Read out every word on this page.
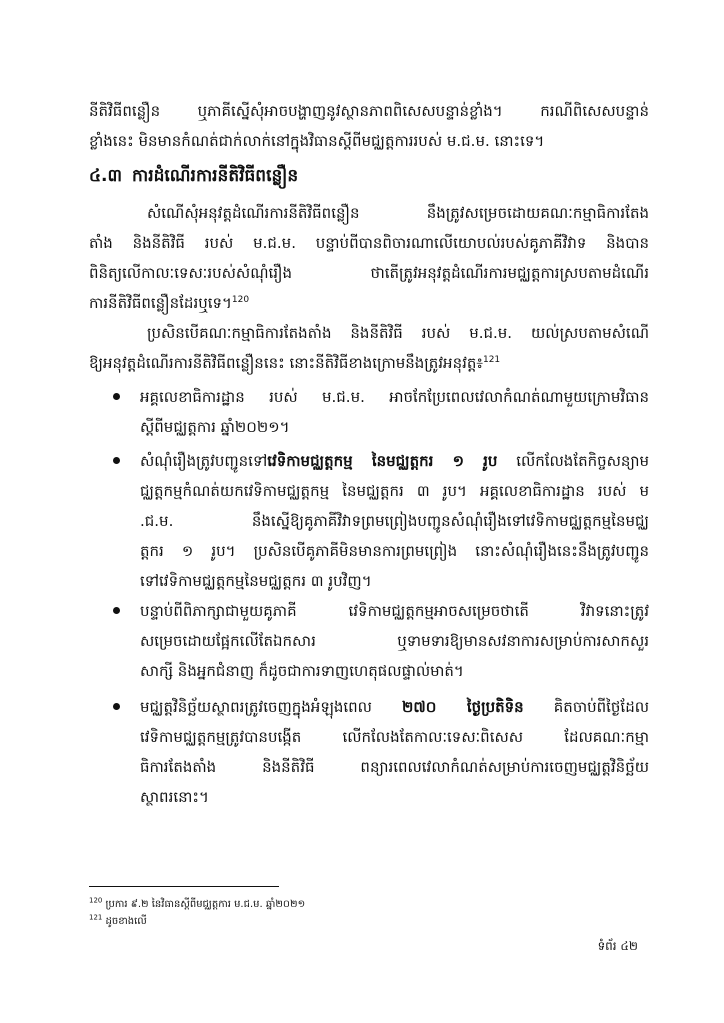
នីតិវិធីពន្លឿន ឬភាគីស្នើសុំអាចបង្ហាញនូវស្ថានភាពពិសេសបន្ទាន់ខ្លាំង។ ករណីពិសេសបន្ទាន់
ខ្លាំងនេះ មិនមានកំណត់ជាក់លាក់នៅក្នុងវិធានស្តីពីមជ្ឈត្តការរបស់ ម.ជ.ម. នោះទេ។
៤.៣ ការដំណើរការនីតិវិធីពន្លឿន
សំណើសុំអនុវត្តដំណើរការនីតិវិធីពន្លឿន នឹងត្រូវសម្រេចដោយគណៈកម្មាធិការតែង
តាំង និងនីតិវិធី របស់ ម.ជ.ម. បន្ទាប់ពីបានពិចារណាលើយោបល់របស់គូភាគីវិវាទ និងបាន
ពិនិត្យលើកាលៈទេសៈរបស់សំណុំរឿង ថាតើត្រូវអនុវត្តដំណើរការមជ្ឈត្តការស្របតាមដំណើរ
ការនីតិវិធីពន្លឿនដែរឬទេ។$^{120}$
ប្រសិនបើគណៈកម្មាធិការតែងតាំង និងនីតិវិធី របស់ ម.ជ.ម. យល់ស្របតាមសំណើ
ឱ្យអនុវត្តដំណើរការនីតិវិធីពន្លឿននេះ នោះនីតិវិធីខាងក្រោមនឹងត្រូវអនុវត្ត៖$^{121}$
អគ្គលេខាធិការដ្ឋាន របស់ ម.ជ.ម. អាចកែប្រែពេលវេលាកំណត់ណាមួយក្រោមវិធាន
ស្តីពីមជ្ឈត្តការ ឆ្នាំ២០២១។
សំណុំរឿងត្រូវបញ្ជូនទៅវេទិកាមជ្ឈត្តកម្ម នៃមជ្ឈត្តករ ១ រូប លើកលែងតែកិច្ចសន្យាម
ជ្ឈត្តកម្មកំណត់យកវេទិកាមជ្ឈត្តកម្ម នៃមជ្ឈត្តករ ៣ រូប។ អគ្គលេខាធិការដ្ឋាន របស់ ម
.ជ.ម. នឹងស្នើឱ្យគូភាគីវិវាទព្រមព្រៀងបញ្ជូនសំណុំរឿងទៅវេទិកាមជ្ឈត្តកម្មនៃមជ្ឈ
ត្តករ ១ រូប។ ប្រសិនបើគូភាគីមិនមានការព្រមព្រៀង នោះសំណុំរឿងនេះនឹងត្រូវបញ្ជូន
ទៅវេទិកាមជ្ឈត្តកម្មនៃមជ្ឈត្តករ ៣ រូបវិញ។
បន្ទាប់ពីពិភាក្សាជាមួយគូភាគី វេទិកាមជ្ឈត្តកម្មអាចសម្រេចថាតើ វិវាទនោះត្រូវ
សម្រេចដោយផ្អែកលើតែឯកសារ ឬទាមទារឱ្យមានសវនាការសម្រាប់ការសាកសួរ
សាក្សី និងអ្នកជំនាញ ក៏ដូចជាការទាញហេតុផលផ្ទាល់មាត់។
មជ្ឈត្តវិនិច្ឆ័យស្ថាពរត្រូវចេញក្នុងអំឡុងពេល ២៧០ ថ្ងៃប្រតិទិន គិតចាប់ពីថ្ងៃដែល
វេទិកាមជ្ឈត្តកម្មត្រូវបានបង្កើត លើកលែងតែកាលៈទេសៈពិសេស ដែលគណៈកម្មា
ធិការតែងតាំង និងនីតិវិធី ពន្យារពេលវេលាកំណត់សម្រាប់ការចេញមជ្ឈត្តវិនិច្ឆ័យ
ស្ថាពរនោះ។
$^{120}$ ប្រការ ៩.២ នៃវិធានស្តីពីមជ្ឈត្តការ ម.ជ.ម. ឆ្នាំ២០២១
$^{121}$ ដូចខាងលើ
ទំព័រ ៤២
